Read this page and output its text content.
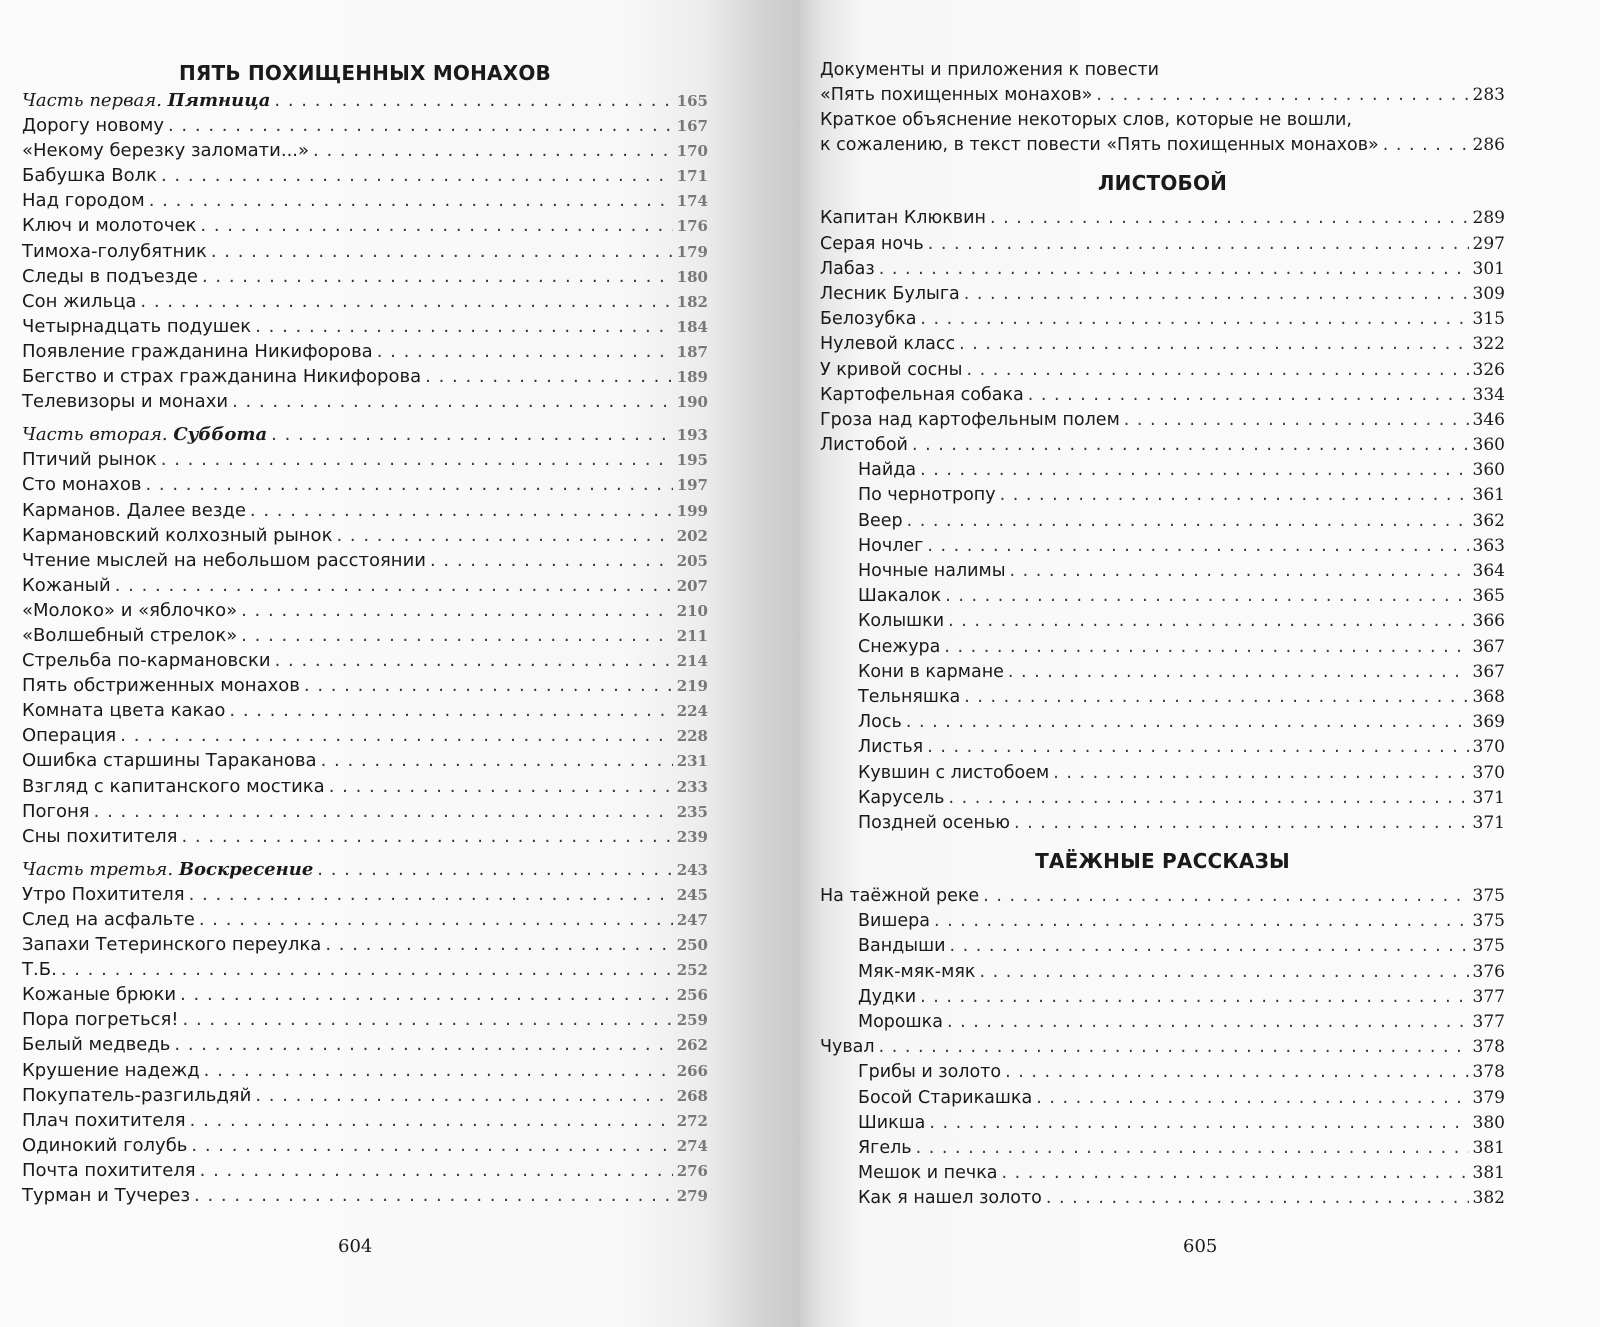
ПЯТЬ ПОХИЩЕННЫХ МОНАХОВ
Часть первая. Пятница . . .	165
Дорогу новому . . .	167
«Некому березку заломати...» . . .	170
Бабушка Волк . . .	171
Над городом . . .	174
Ключ и молоточек . . .	176
Тимоха-голубятник . . .	179
Следы в подъезде . . .	180
Сон жильца . . .	182
Четырнадцать подушек . . .	184
Появление гражданина Никифорова . . .	187
Бегство и страх гражданина Никифорова . . .	189
Телевизоры и монахи . . .	190
Часть вторая. Суббота . . .	193
Птичий рынок . . .	195
Сто монахов . . .	197
Карманов. Далее везде . . .	199
Кармановский колхозный рынок . . .	202
Чтение мыслей на небольшом расстоянии . . .	205
Кожаный . . .	207
«Молоко» и «яблочко» . . .	210
«Волшебный стрелок» . . .	211
Стрельба по-кармановски . . .	214
Пять обстриженных монахов . . .	219
Комната цвета какао . . .	224
Операция . . .	228
Ошибка старшины Тараканова . . .	231
Взгляд с капитанского мостика . . .	233
Погоня . . .	235
Сны похитителя . . .	239
Часть третья. Воскресение . . .	243
Утро Похитителя . . .	245
След на асфальте . . .	247
Запахи Тетеринского переулка . . .	250
Т.Б. . . .	252
Кожаные брюки . . .	256
Пора погреться! . . .	259
Белый медведь . . .	262
Крушение надежд . . .	266
Покупатель-разгильдяй . . .	268
Плач похитителя . . .	272
Одинокий голубь . . .	274
Почта похитителя . . .	276
Турман и Тучерез . . .	279
604
Документы и приложения к повести
«Пять похищенных монахов» . . .	283
Краткое объяснение некоторых слов, которые не вошли,
к сожалению, в текст повести «Пять похищенных монахов» . . .	286
ЛИСТОБОЙ
Капитан Клюквин . . .	289
Серая ночь . . .	297
Лабаз . . .	301
Лесник Булыга . . .	309
Белозубка . . .	315
Нулевой класс . . .	322
У кривой сосны . . .	326
Картофельная собака . . .	334
Гроза над картофельным полем . . .	346
Листобой . . .	360
Найда . . .	360
По чернотропу . . .	361
Веер . . .	362
Ночлег . . .	363
Ночные налимы . . .	364
Шакалок . . .	365
Колышки . . .	366
Снежура . . .	367
Кони в кармане . . .	367
Тельняшка . . .	368
Лось . . .	369
Листья . . .	370
Кувшин с листобоем . . .	370
Карусель . . .	371
Поздней осенью . . .	371
ТАЁЖНЫЕ РАССКАЗЫ
На таёжной реке . . .	375
Вишера . . .	375
Вандыши . . .	375
Мяк-мяк-мяк . . .	376
Дудки . . .	377
Морошка . . .	377
Чувал . . .	378
Грибы и золото . . .	378
Босой Старикашка . . .	379
Шикша . . .	380
Ягель . . .	381
Мешок и печка . . .	381
Как я нашел золото . . .	382
605
